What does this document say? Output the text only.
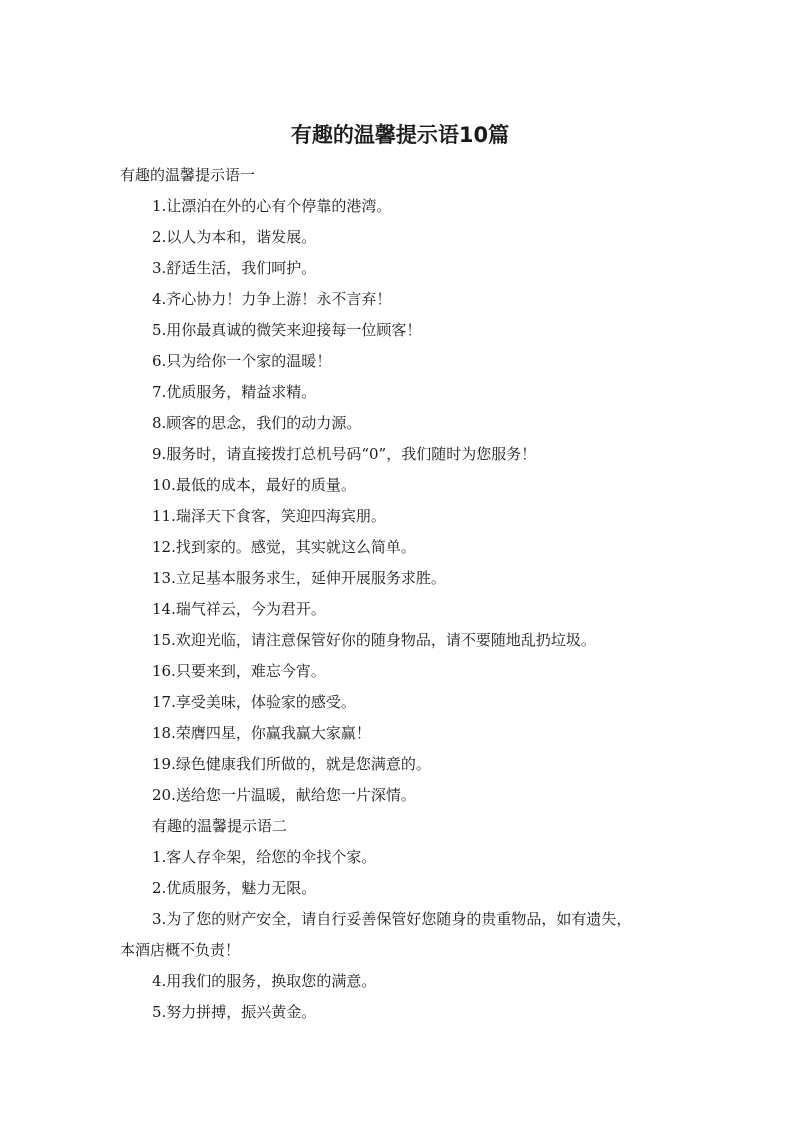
有趣的温馨提示语10篇

有趣的温馨提示语一

1.让漂泊在外的心有个停靠的港湾。

2.以人为本和，谐发展。

3.舒适生活，我们呵护。

4.齐心协力！力争上游！永不言弃！

5.用你最真诚的微笑来迎接每一位顾客！

6.只为给你一个家的温暖！

7.优质服务，精益求精。

8.顾客的思念，我们的动力源。

9.服务时，请直接拨打总机号码“0”，我们随时为您服务！

10.最低的成本，最好的质量。

11.瑞泽天下食客，笑迎四海宾朋。

12.找到家的。感觉，其实就这么简单。

13.立足基本服务求生，延伸开展服务求胜。

14.瑞气祥云，今为君开。

15.欢迎光临，请注意保管好你的随身物品，请不要随地乱扔垃圾。

16.只要来到，难忘今宵。

17.享受美味，体验家的感受。

18.荣膺四星，你赢我赢大家赢！

19.绿色健康我们所做的，就是您满意的。

20.送给您一片温暖，献给您一片深情。

有趣的温馨提示语二

1.客人存伞架，给您的伞找个家。

2.优质服务，魅力无限。

3.为了您的财产安全，请自行妥善保管好您随身的贵重物品，如有遗失，

本酒店概不负责！

4.用我们的服务，换取您的满意。

5.努力拼搏，振兴黄金。
